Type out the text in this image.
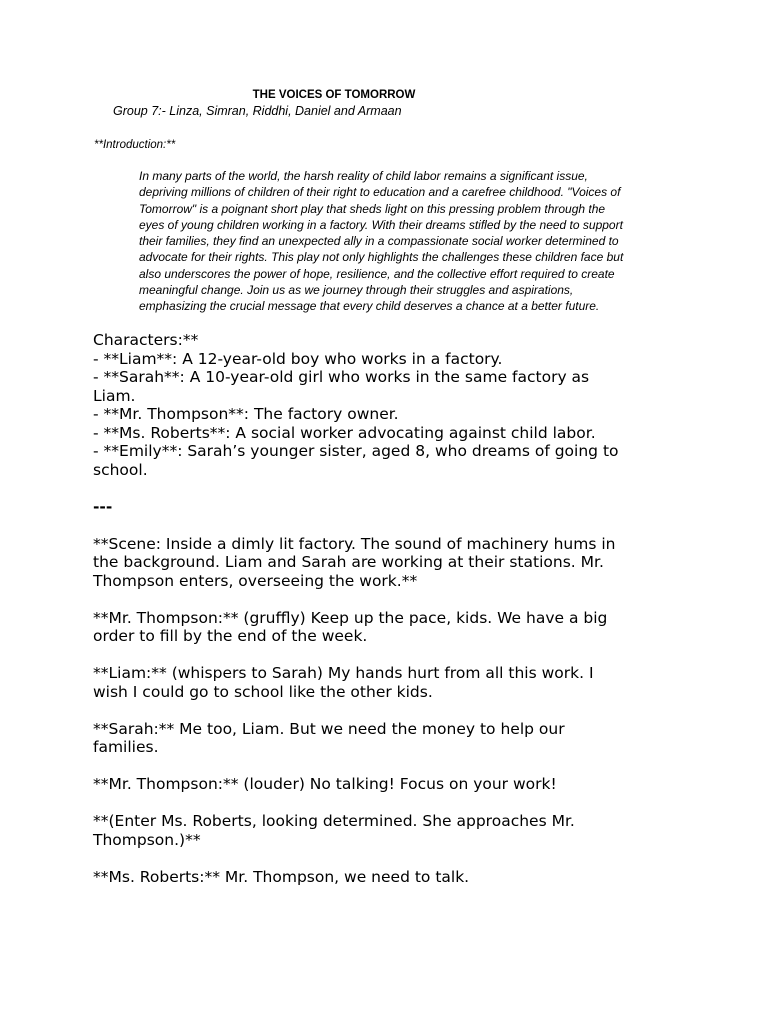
THE VOICES OF TOMORROW
Group 7:- Linza, Simran, Riddhi, Daniel and Armaan
**Introduction:**
In many parts of the world, the harsh reality of child labor remains a significant issue,
depriving millions of children of their right to education and a carefree childhood. "Voices of
Tomorrow" is a poignant short play that sheds light on this pressing problem through the
eyes of young children working in a factory. With their dreams stifled by the need to support
their families, they find an unexpected ally in a compassionate social worker determined to
advocate for their rights. This play not only highlights the challenges these children face but
also underscores the power of hope, resilience, and the collective effort required to create
meaningful change. Join us as we journey through their struggles and aspirations,
emphasizing the crucial message that every child deserves a chance at a better future.
Characters:**
- **Liam**: A 12-year-old boy who works in a factory.
- **Sarah**: A 10-year-old girl who works in the same factory as
Liam.
- **Mr. Thompson**: The factory owner.
- **Ms. Roberts**: A social worker advocating against child labor.
- **Emily**: Sarah’s younger sister, aged 8, who dreams of going to
school.
---
**Scene: Inside a dimly lit factory. The sound of machinery hums in
the background. Liam and Sarah are working at their stations. Mr.
Thompson enters, overseeing the work.**
**Mr. Thompson:** (gruffly) Keep up the pace, kids. We have a big
order to fill by the end of the week.
**Liam:** (whispers to Sarah) My hands hurt from all this work. I
wish I could go to school like the other kids.
**Sarah:** Me too, Liam. But we need the money to help our
families.
**Mr. Thompson:** (louder) No talking! Focus on your work!
**(Enter Ms. Roberts, looking determined. She approaches Mr.
Thompson.)**
**Ms. Roberts:** Mr. Thompson, we need to talk.
